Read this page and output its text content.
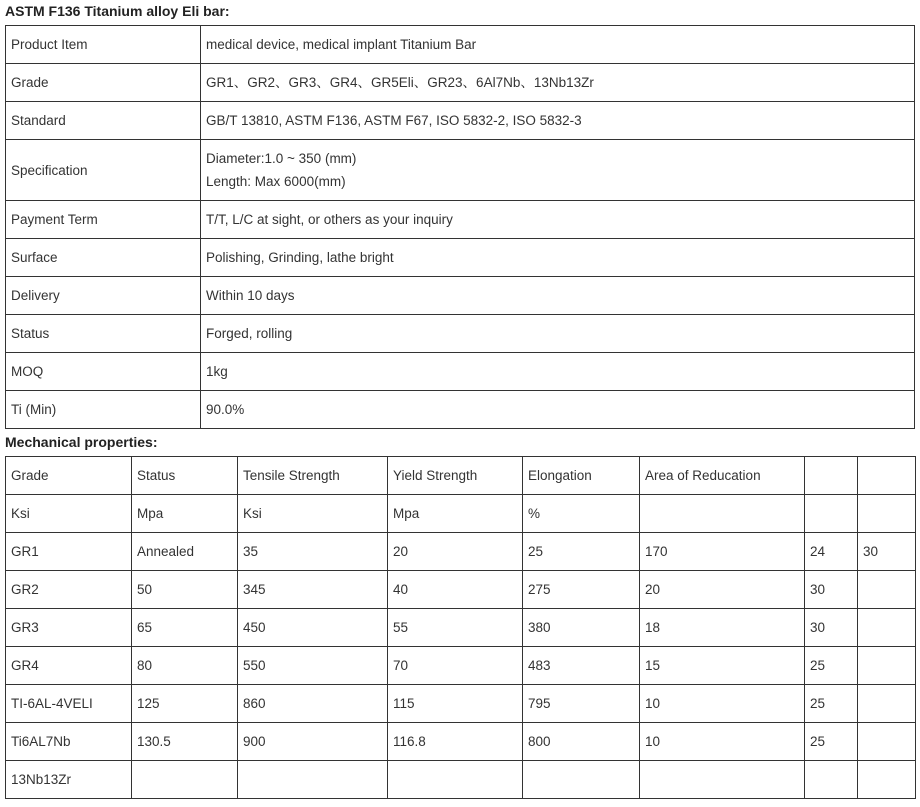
ASTM F136 Titanium alloy Eli bar:
Product Item	medical device, medical implant Titanium Bar

Grade	GR1、GR2、GR3、GR4、GR5Eli、GR23、6Al7Nb、13Nb13Zr

Standard	GB/T 13810, ASTM F136, ASTM F67, ISO 5832-2, ISO 5832-3

Specification	Diameter:1.0 ~ 350 (mm)
Length: Max 6000(mm)

Payment Term	T/T, L/C at sight, or others as your inquiry

Surface	Polishing, Grinding, lathe bright

Delivery	Within 10 days

Status	Forged, rolling

MOQ	1kg

Ti (Min)	90.0%
Mechanical properties:
Grade	Status	Tensile Strength	Yield Strength	Elongation	Area of Reducation		
Ksi	Mpa	Ksi	Mpa	%			
GR1	Annealed	35	20	25	170	24	30
GR2	50	345	40	275	20	30	
GR3	65	450	55	380	18	30	
GR4	80	550	70	483	15	25	
TI-6AL-4VELI	125	860	115	795	10	25	
Ti6AL7Nb	130.5	900	116.8	800	10	25	
13Nb13Zr							
